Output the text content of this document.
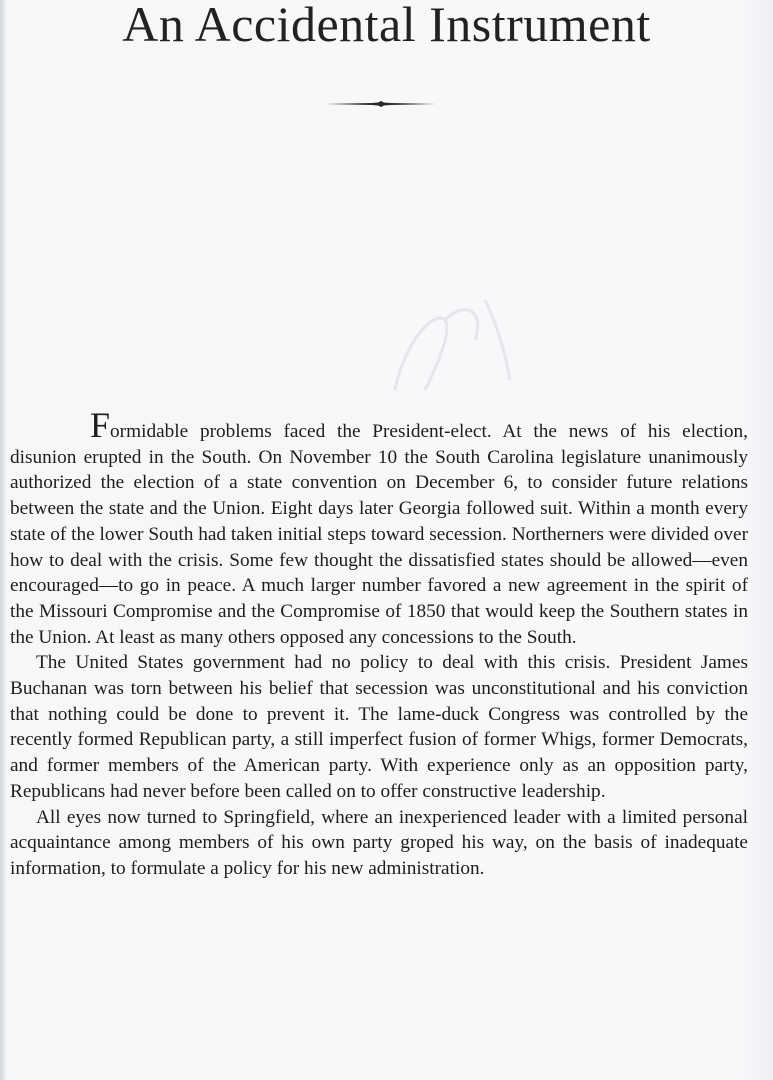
An Accidental Instrument

Formidable problems faced the President-elect. At the news of his election, disunion erupted in the South. On November 10 the South Carolina legislature unanimously authorized the election of a state convention on December 6, to consider future relations between the state and the Union. Eight days later Georgia followed suit. Within a month every state of the lower South had taken initial steps toward secession. Northerners were divided over how to deal with the crisis. Some few thought the dissatisfied states should be allowed—even encouraged—to go in peace. A much larger number favored a new agreement in the spirit of the Missouri Compromise and the Compromise of 1850 that would keep the Southern states in the Union. At least as many others opposed any concessions to the South.

The United States government had no policy to deal with this crisis. President James Buchanan was torn between his belief that secession was unconstitutional and his conviction that nothing could be done to prevent it. The lame-duck Congress was controlled by the recently formed Republican party, a still imperfect fusion of former Whigs, former Democrats, and former members of the American party. With experience only as an opposition party, Republicans had never before been called on to offer constructive leadership.

All eyes now turned to Springfield, where an inexperienced leader with a limited personal acquaintance among members of his own party groped his way, on the basis of inadequate information, to formulate a policy for his new administration.
